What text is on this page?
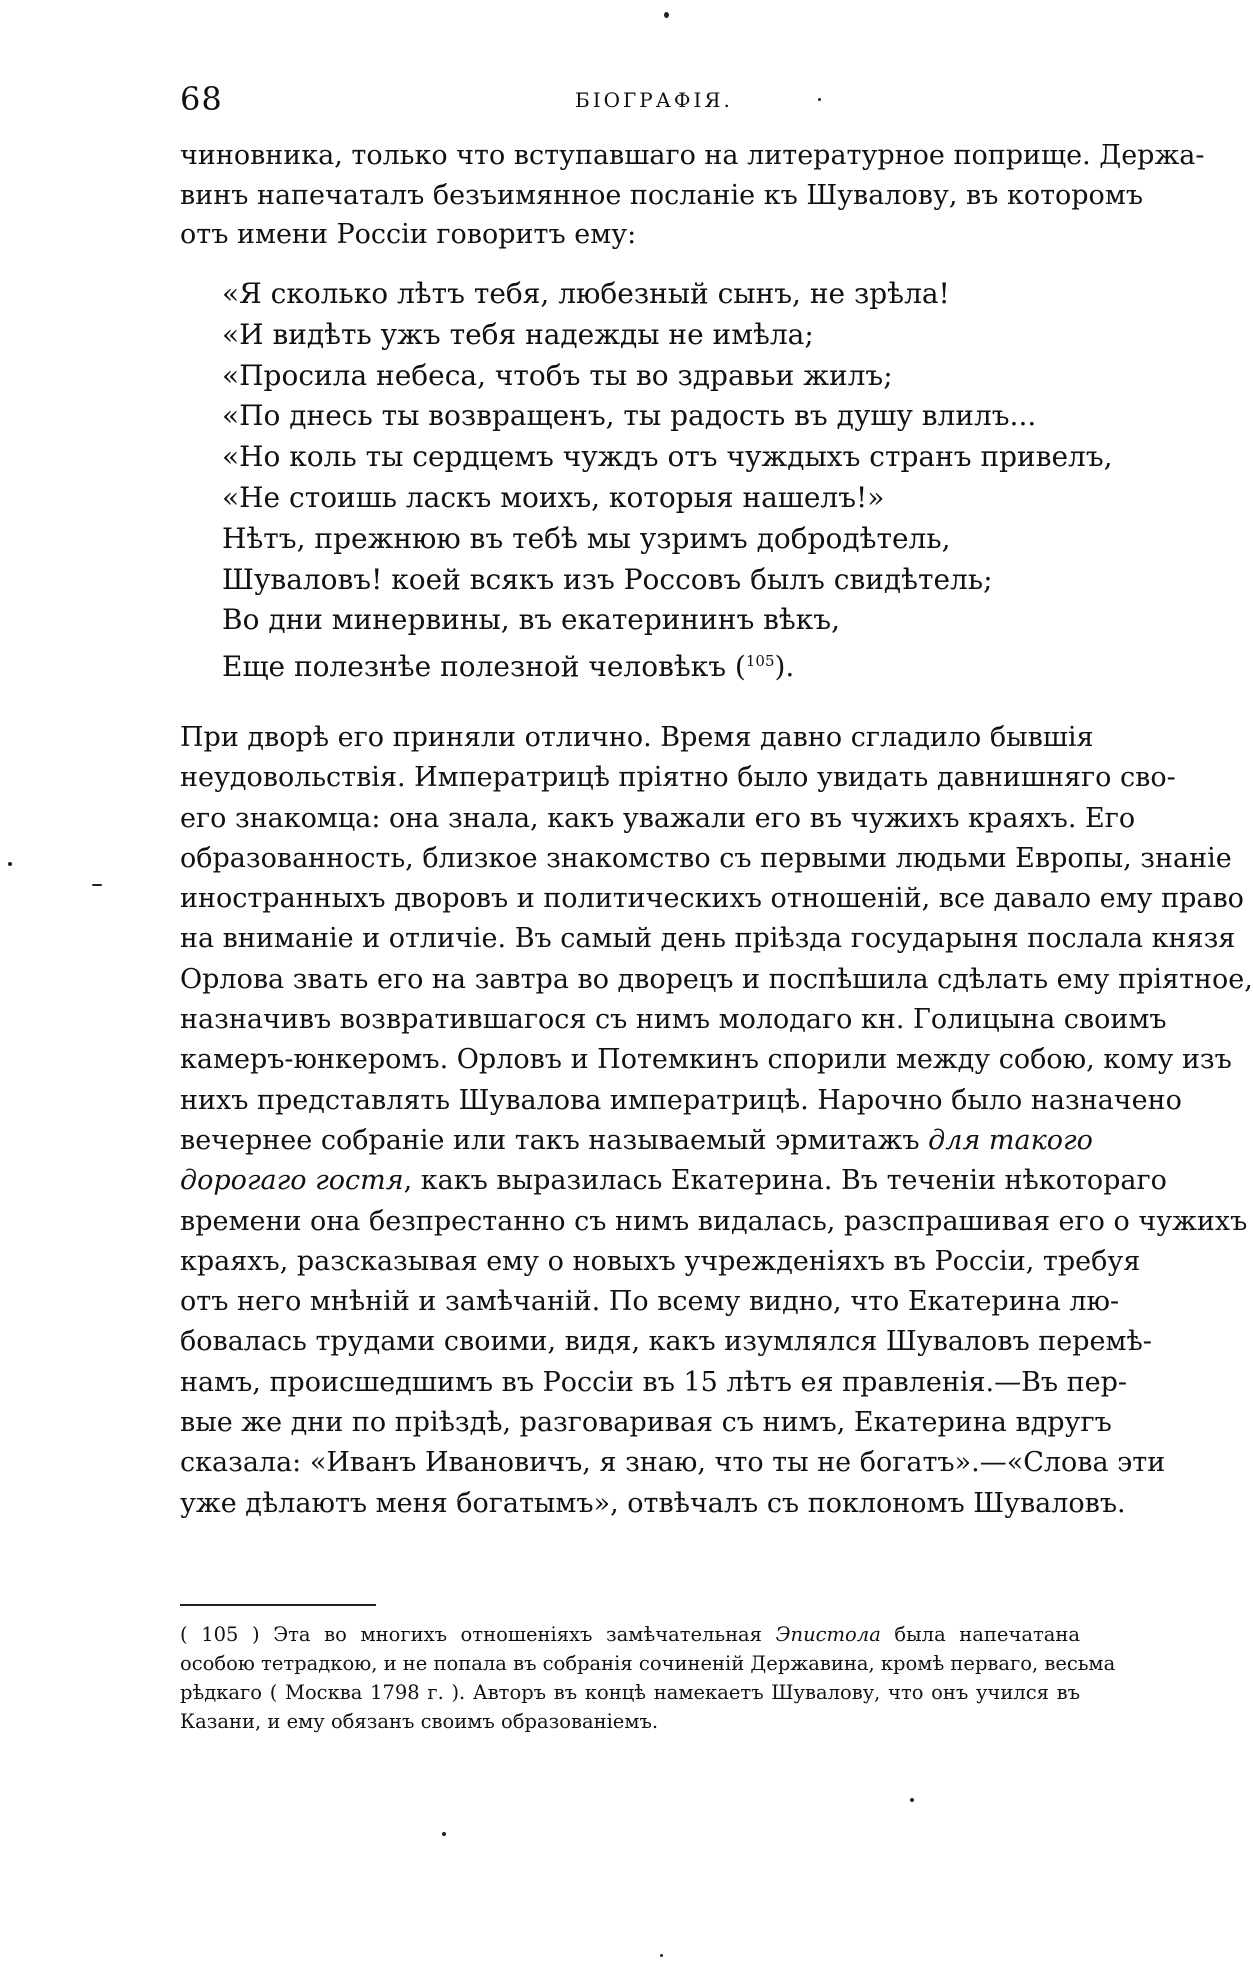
68	БІОГРАФІЯ.
чиновника, только что вступавшаго на литературное поприще. Держа-
винъ напечаталъ безъимянное посланіе къ Шувалову, въ которомъ
отъ имени Россіи говоритъ ему:
«Я сколько лѣтъ тебя, любезный сынъ, не зрѣла!
«И видѣть ужъ тебя надежды не имѣла;
«Просила небеса, чтобъ ты во здравьи жилъ;
«По днесь ты возвращенъ, ты радость въ душу влилъ...
«Но коль ты сердцемъ чуждъ отъ чуждыхъ странъ привелъ,
«Не стоишь ласкъ моихъ, которыя нашелъ!»
Нѣтъ, прежнюю въ тебѣ мы узримъ добродѣтель,
Шуваловъ! коей всякъ изъ Россовъ былъ свидѣтель;
Во дни минервины, въ екатерининъ вѣкъ,
Еще полезнѣе полезной человѣкъ ($^{105}$).
При дворѣ его приняли отлично. Время давно сгладило бывшія
неудовольствія. Императрицѣ пріятно было увидать давнишняго сво-
его знакомца: она знала, какъ уважали его въ чужихъ краяхъ. Его
образованность, близкое знакомство съ первыми людьми Европы, знаніе
иностранныхъ дворовъ и политическихъ отношеній, все давало ему право
на вниманіе и отличіе. Въ самый день пріѣзда государыня послала князя
Орлова звать его на завтра во дворецъ и поспѣшила сдѣлать ему пріятное,
назначивъ возвратившагося съ нимъ молодаго кн. Голицына своимъ
камеръ-юнкеромъ. Орловъ и Потемкинъ спорили между собою, кому изъ
нихъ представлять Шувалова императрицѣ. Нарочно было назначено
вечернее собраніе или такъ называемый эрмитажъ для такого
дорогаго гостя, какъ выразилась Екатерина. Въ теченіи нѣкотораго
времени она безпрестанно съ нимъ видалась, разспрашивая его о чужихъ
краяхъ, разсказывая ему о новыхъ учрежденіяхъ въ Россіи, требуя
отъ него мнѣній и замѣчаній. По всему видно, что Екатерина лю-
бовалась трудами своими, видя, какъ изумлялся Шуваловъ перемѣ-
намъ, происшедшимъ въ Россіи въ 15 лѣтъ ея правленія.—Въ пер-
вые же дни по пріѣздѣ, разговаривая съ нимъ, Екатерина вдругъ
сказала: «Иванъ Ивановичъ, я знаю, что ты не богатъ».—«Слова эти
уже дѣлаютъ меня богатымъ», отвѣчалъ съ поклономъ Шуваловъ.
( 105 ) Эта во многихъ отношеніяхъ замѣчательная Эпистола была напечатана
особою тетрадкою, и не попала въ собранія сочиненій Державина, кромѣ перваго, весьма
рѣдкаго ( Москва 1798 г. ). Авторъ въ концѣ намекаетъ Шувалову, что онъ учился въ
Казани, и ему обязанъ своимъ образованіемъ.
